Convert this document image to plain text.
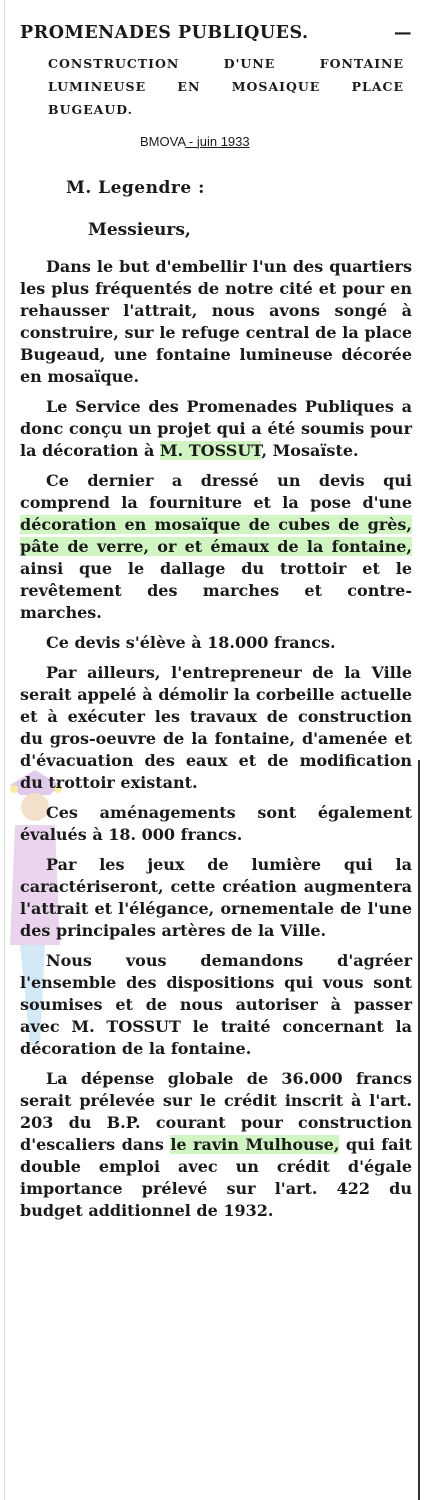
PROMENADES PUBLIQUES.	—
CONSTRUCTION D'UNE FONTAINE LUMINEUSE EN MOSAIQUE PLACE BUGEAUD.
BMOVA - juin 1933
M. Legendre :
Messieurs,

Dans le but d'embellir l'un des quartiers les plus fréquentés de notre cité et pour en rehausser l'attrait, nous avons songé à construire, sur le refuge central de la place Bugeaud, une fontaine lumineuse décorée en mosaïque.

Le Service des Promenades Publiques a donc conçu un projet qui a été soumis pour la décoration à M. TOSSUT, Mosaïste.

Ce dernier a dressé un devis qui comprend la fourniture et la pose d'une décoration en mosaïque de cubes de grès, pâte de verre, or et émaux de la fontaine, ainsi que le dallage du trottoir et le revêtement des marches et contre-marches.

Ce devis s'élève à 18.000 francs.

Par ailleurs, l'entrepreneur de la Ville serait appelé à démolir la corbeille actuelle et à exécuter les travaux de construction du gros-oeuvre de la fontaine, d'amenée et d'évacuation des eaux et de modification du trottoir existant.

Ces aménagements sont également évalués à 18. 000 francs.

Par les jeux de lumière qui la caractériseront, cette création augmentera l'attrait et l'élégance, ornementale de l'une des principales artères de la Ville.

Nous vous demandons d'agréer l'ensemble des dispositions qui vous sont soumises et de nous autoriser à passer avec M. TOSSUT le traité concernant la décoration de la fontaine.

La dépense globale de 36.000 francs serait prélevée sur le crédit inscrit à l'art. 203 du B.P. courant pour construction d'escaliers dans le ravin Mulhouse, qui fait double emploi avec un crédit d'égale importance prélevé sur l'art. 422 du budget additionnel de 1932.
